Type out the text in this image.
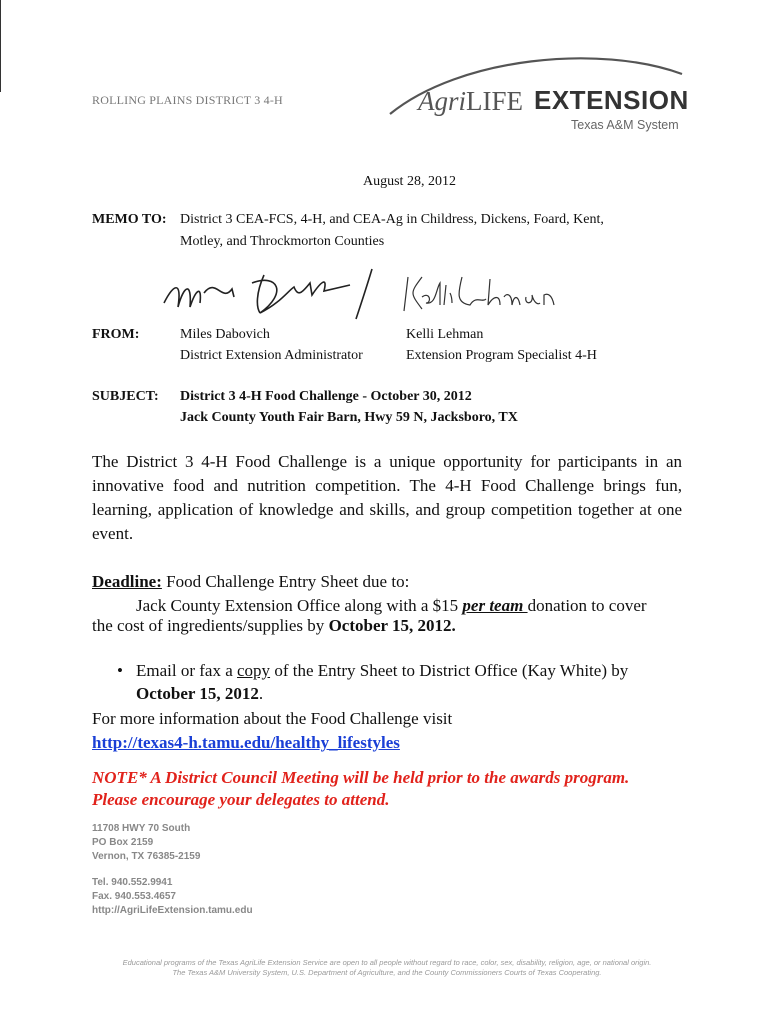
ROLLING PLAINS DISTRICT 3 4-H	AgriLIFE EXTENSION
Texas A&M System
August 28, 2012
MEMO TO: District 3 CEA-FCS, 4-H, and CEA-Ag in Childress, Dickens, Foard, Kent,
Motley, and Throckmorton Counties
FROM:	Miles Dabovich
District Extension Administrator
Kelli Lehman
Extension Program Specialist 4-H
SUBJECT: District 3 4-H Food Challenge - October 30, 2012
Jack County Youth Fair Barn, Hwy 59 N, Jacksboro, TX
The District 3 4-H Food Challenge is a unique opportunity for participants in an innovative food and nutrition competition. The 4-H Food Challenge brings fun, learning, application of knowledge and skills, and group competition together at one event.
Deadline: Food Challenge Entry Sheet due to:
Jack County Extension Office along with a $15 per team donation to cover
the cost of ingredients/supplies by October 15, 2012.
• Email or fax a copy of the Entry Sheet to District Office (Kay White) by
October 15, 2012.
For more information about the Food Challenge visit
http://texas4-h.tamu.edu/healthy_lifestyles
NOTE* A District Council Meeting will be held prior to the awards program.
Please encourage your delegates to attend.
11708 HWY 70 South
PO Box 2159
Vernon, TX 76385-2159
Tel. 940.552.9941
Fax. 940.553.4657
http://AgriLifeExtension.tamu.edu
Educational programs of the Texas AgriLife Extension Service are open to all people without regard to race, color, sex, disability, religion, age, or national origin.
The Texas A&M University System, U.S. Department of Agriculture, and the County Commissioners Courts of Texas Cooperating.
